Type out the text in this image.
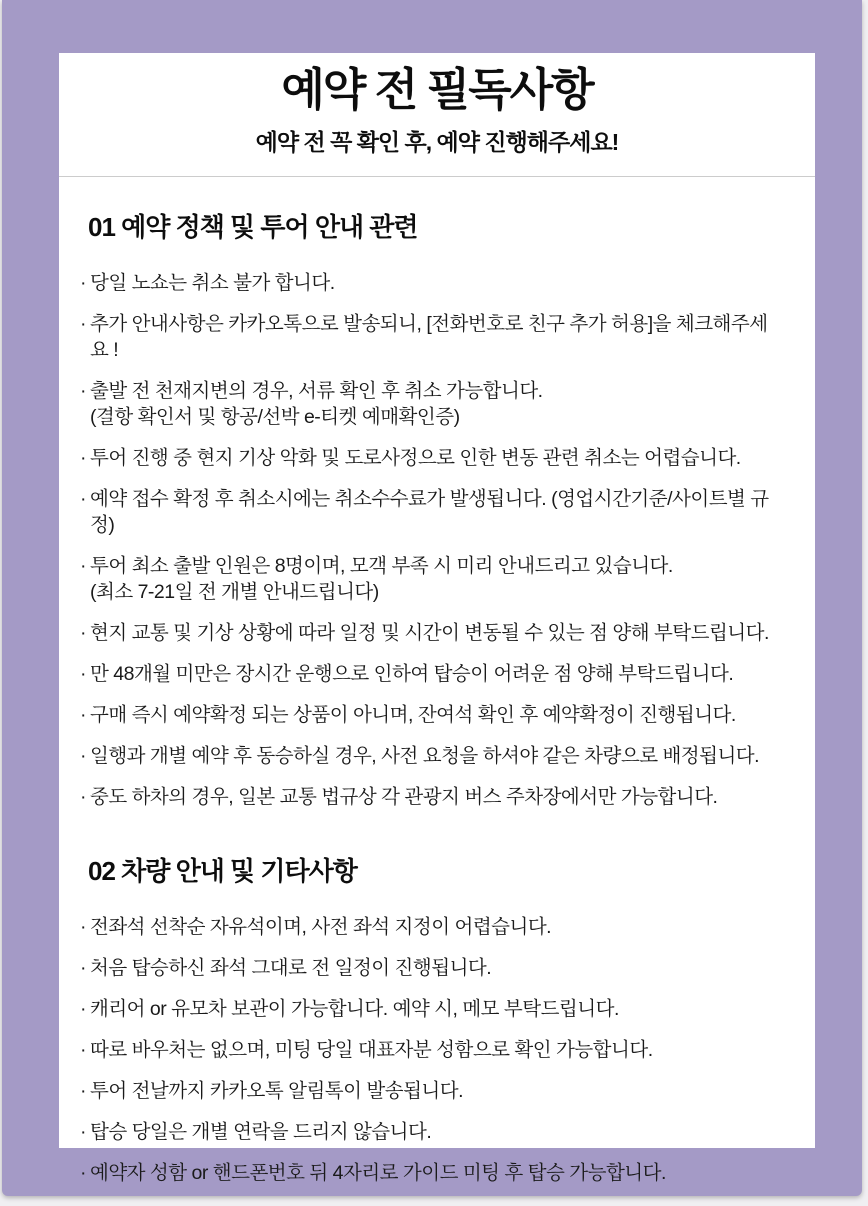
예약 전 필독사항
예약 전 꼭 확인 후, 예약 진행해주세요!
01 예약 정책 및 투어 안내 관련
· 당일 노쇼는 취소 불가 합니다.
· 추가 안내사항은 카카오톡으로 발송되니, [전화번호로 친구 추가 허용]을 체크해주세요 !
· 출발 전 천재지변의 경우, 서류 확인 후 취소 가능합니다.
(결항 확인서 및 항공/선박 e-티켓 예매확인증)
· 투어 진행 중 현지 기상 악화 및 도로사정으로 인한 변동 관련 취소는 어렵습니다.
· 예약 접수 확정 후 취소시에는 취소수수료가 발생됩니다. (영업시간기준/사이트별 규정)
· 투어 최소 출발 인원은 8명이며, 모객 부족 시 미리 안내드리고 있습니다.
(최소 7-21일 전 개별 안내드립니다)
· 현지 교통 및 기상 상황에 따라 일정 및 시간이 변동될 수 있는 점 양해 부탁드립니다.
· 만 48개월 미만은 장시간 운행으로 인하여 탑승이 어려운 점 양해 부탁드립니다.
· 구매 즉시 예약확정 되는 상품이 아니며, 잔여석 확인 후 예약확정이 진행됩니다.
· 일행과 개별 예약 후 동승하실 경우, 사전 요청을 하셔야 같은 차량으로 배정됩니다.
· 중도 하차의 경우, 일본 교통 법규상 각 관광지 버스 주차장에서만 가능합니다.
02 차량 안내 및 기타사항
· 전좌석 선착순 자유석이며, 사전 좌석 지정이 어렵습니다.
· 처음 탑승하신 좌석 그대로 전 일정이 진행됩니다.
· 캐리어 or 유모차 보관이 가능합니다. 예약 시, 메모 부탁드립니다.
· 따로 바우처는 없으며, 미팅 당일 대표자분 성함으로 확인 가능합니다.
· 투어 전날까지 카카오톡 알림톡이 발송됩니다.
· 탑승 당일은 개별 연락을 드리지 않습니다.
· 예약자 성함 or 핸드폰번호 뒤 4자리로 가이드 미팅 후 탑승 가능합니다.
